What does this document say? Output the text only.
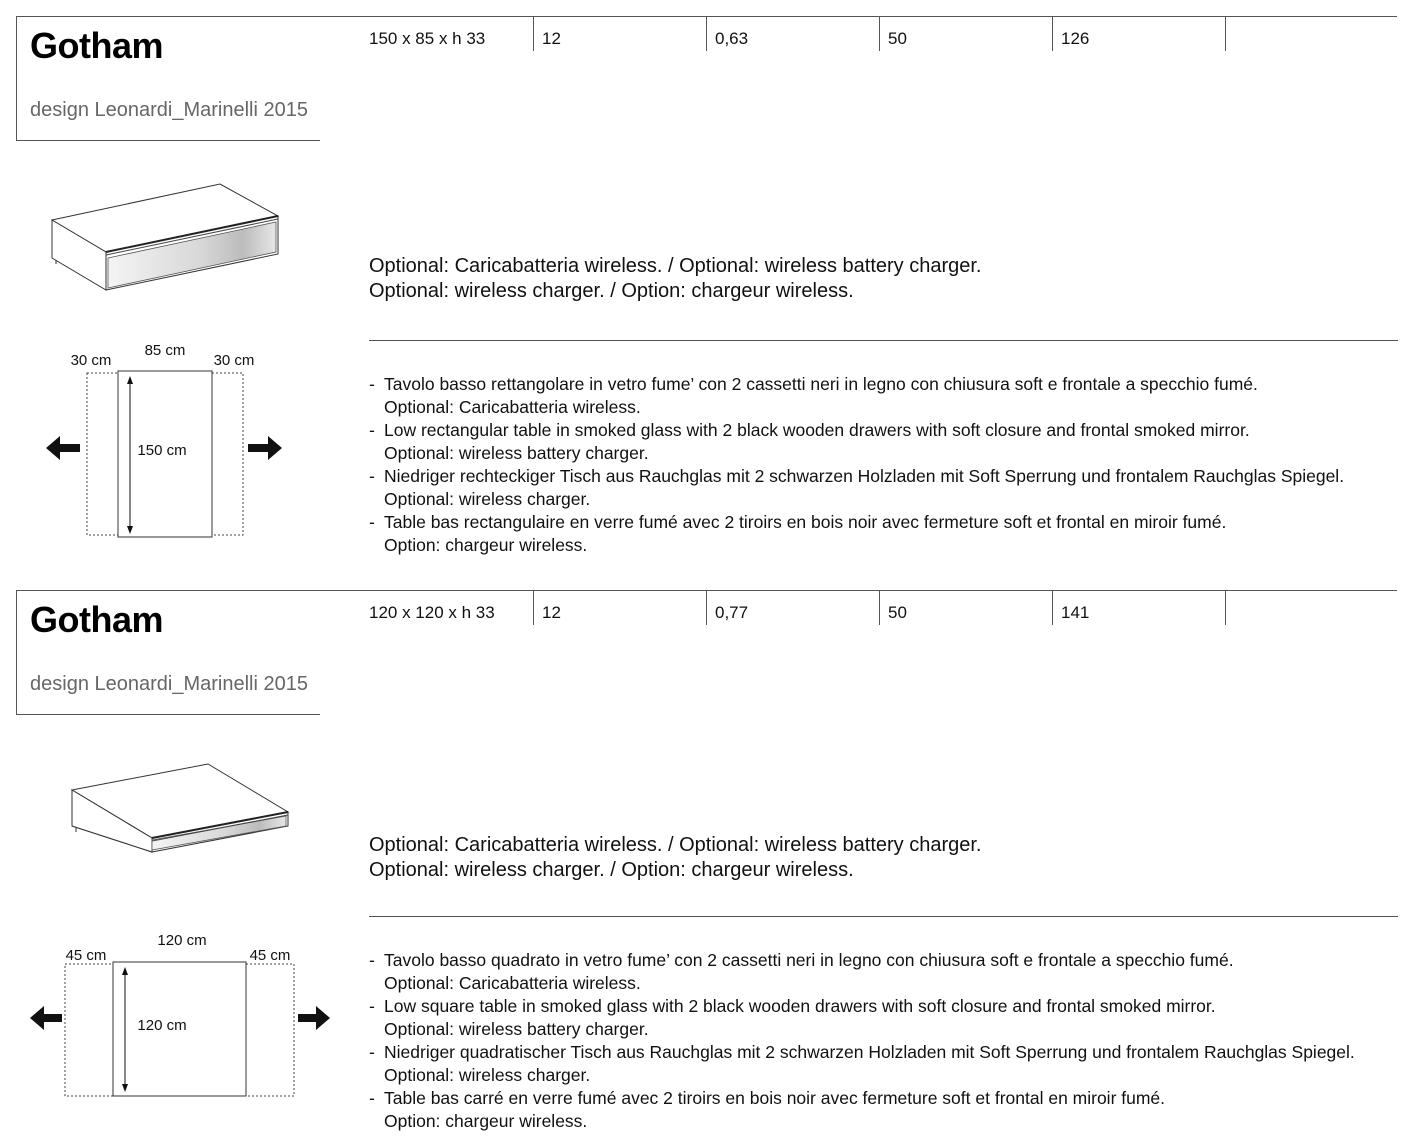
Gotham
design Leonardi_Marinelli 2015
150 x 85 x h 33	12	0,63	50	126
Optional: Caricabatteria wireless. / Optional: wireless battery charger.
Optional: wireless charger. / Option: chargeur wireless.
85 cm
30 cm	30 cm
150 cm
- Tavolo basso rettangolare in vetro fume’ con 2 cassetti neri in legno con chiusura soft e frontale a specchio fumé.
Optional: Caricabatteria wireless.
- Low rectangular table in smoked glass with 2 black wooden drawers with soft closure and frontal smoked mirror.
Optional: wireless battery charger.
- Niedriger rechteckiger Tisch aus Rauchglas mit 2 schwarzen Holzladen mit Soft Sperrung und frontalem Rauchglas Spiegel.
Optional: wireless charger.
- Table bas rectangulaire en verre fumé avec 2 tiroirs en bois noir avec fermeture soft et frontal en miroir fumé.
Option: chargeur wireless.
Gotham
design Leonardi_Marinelli 2015
120 x 120 x h 33	12	0,77	50	141
Optional: Caricabatteria wireless. / Optional: wireless battery charger.
Optional: wireless charger. / Option: chargeur wireless.
120 cm
45 cm	45 cm
120 cm
- Tavolo basso quadrato in vetro fume’ con 2 cassetti neri in legno con chiusura soft e frontale a specchio fumé.
Optional: Caricabatteria wireless.
- Low square table in smoked glass with 2 black wooden drawers with soft closure and frontal smoked mirror.
Optional: wireless battery charger.
- Niedriger quadratischer Tisch aus Rauchglas mit 2 schwarzen Holzladen mit Soft Sperrung und frontalem Rauchglas Spiegel.
Optional: wireless charger.
- Table bas carré en verre fumé avec 2 tiroirs en bois noir avec fermeture soft et frontal en miroir fumé.
Option: chargeur wireless.
